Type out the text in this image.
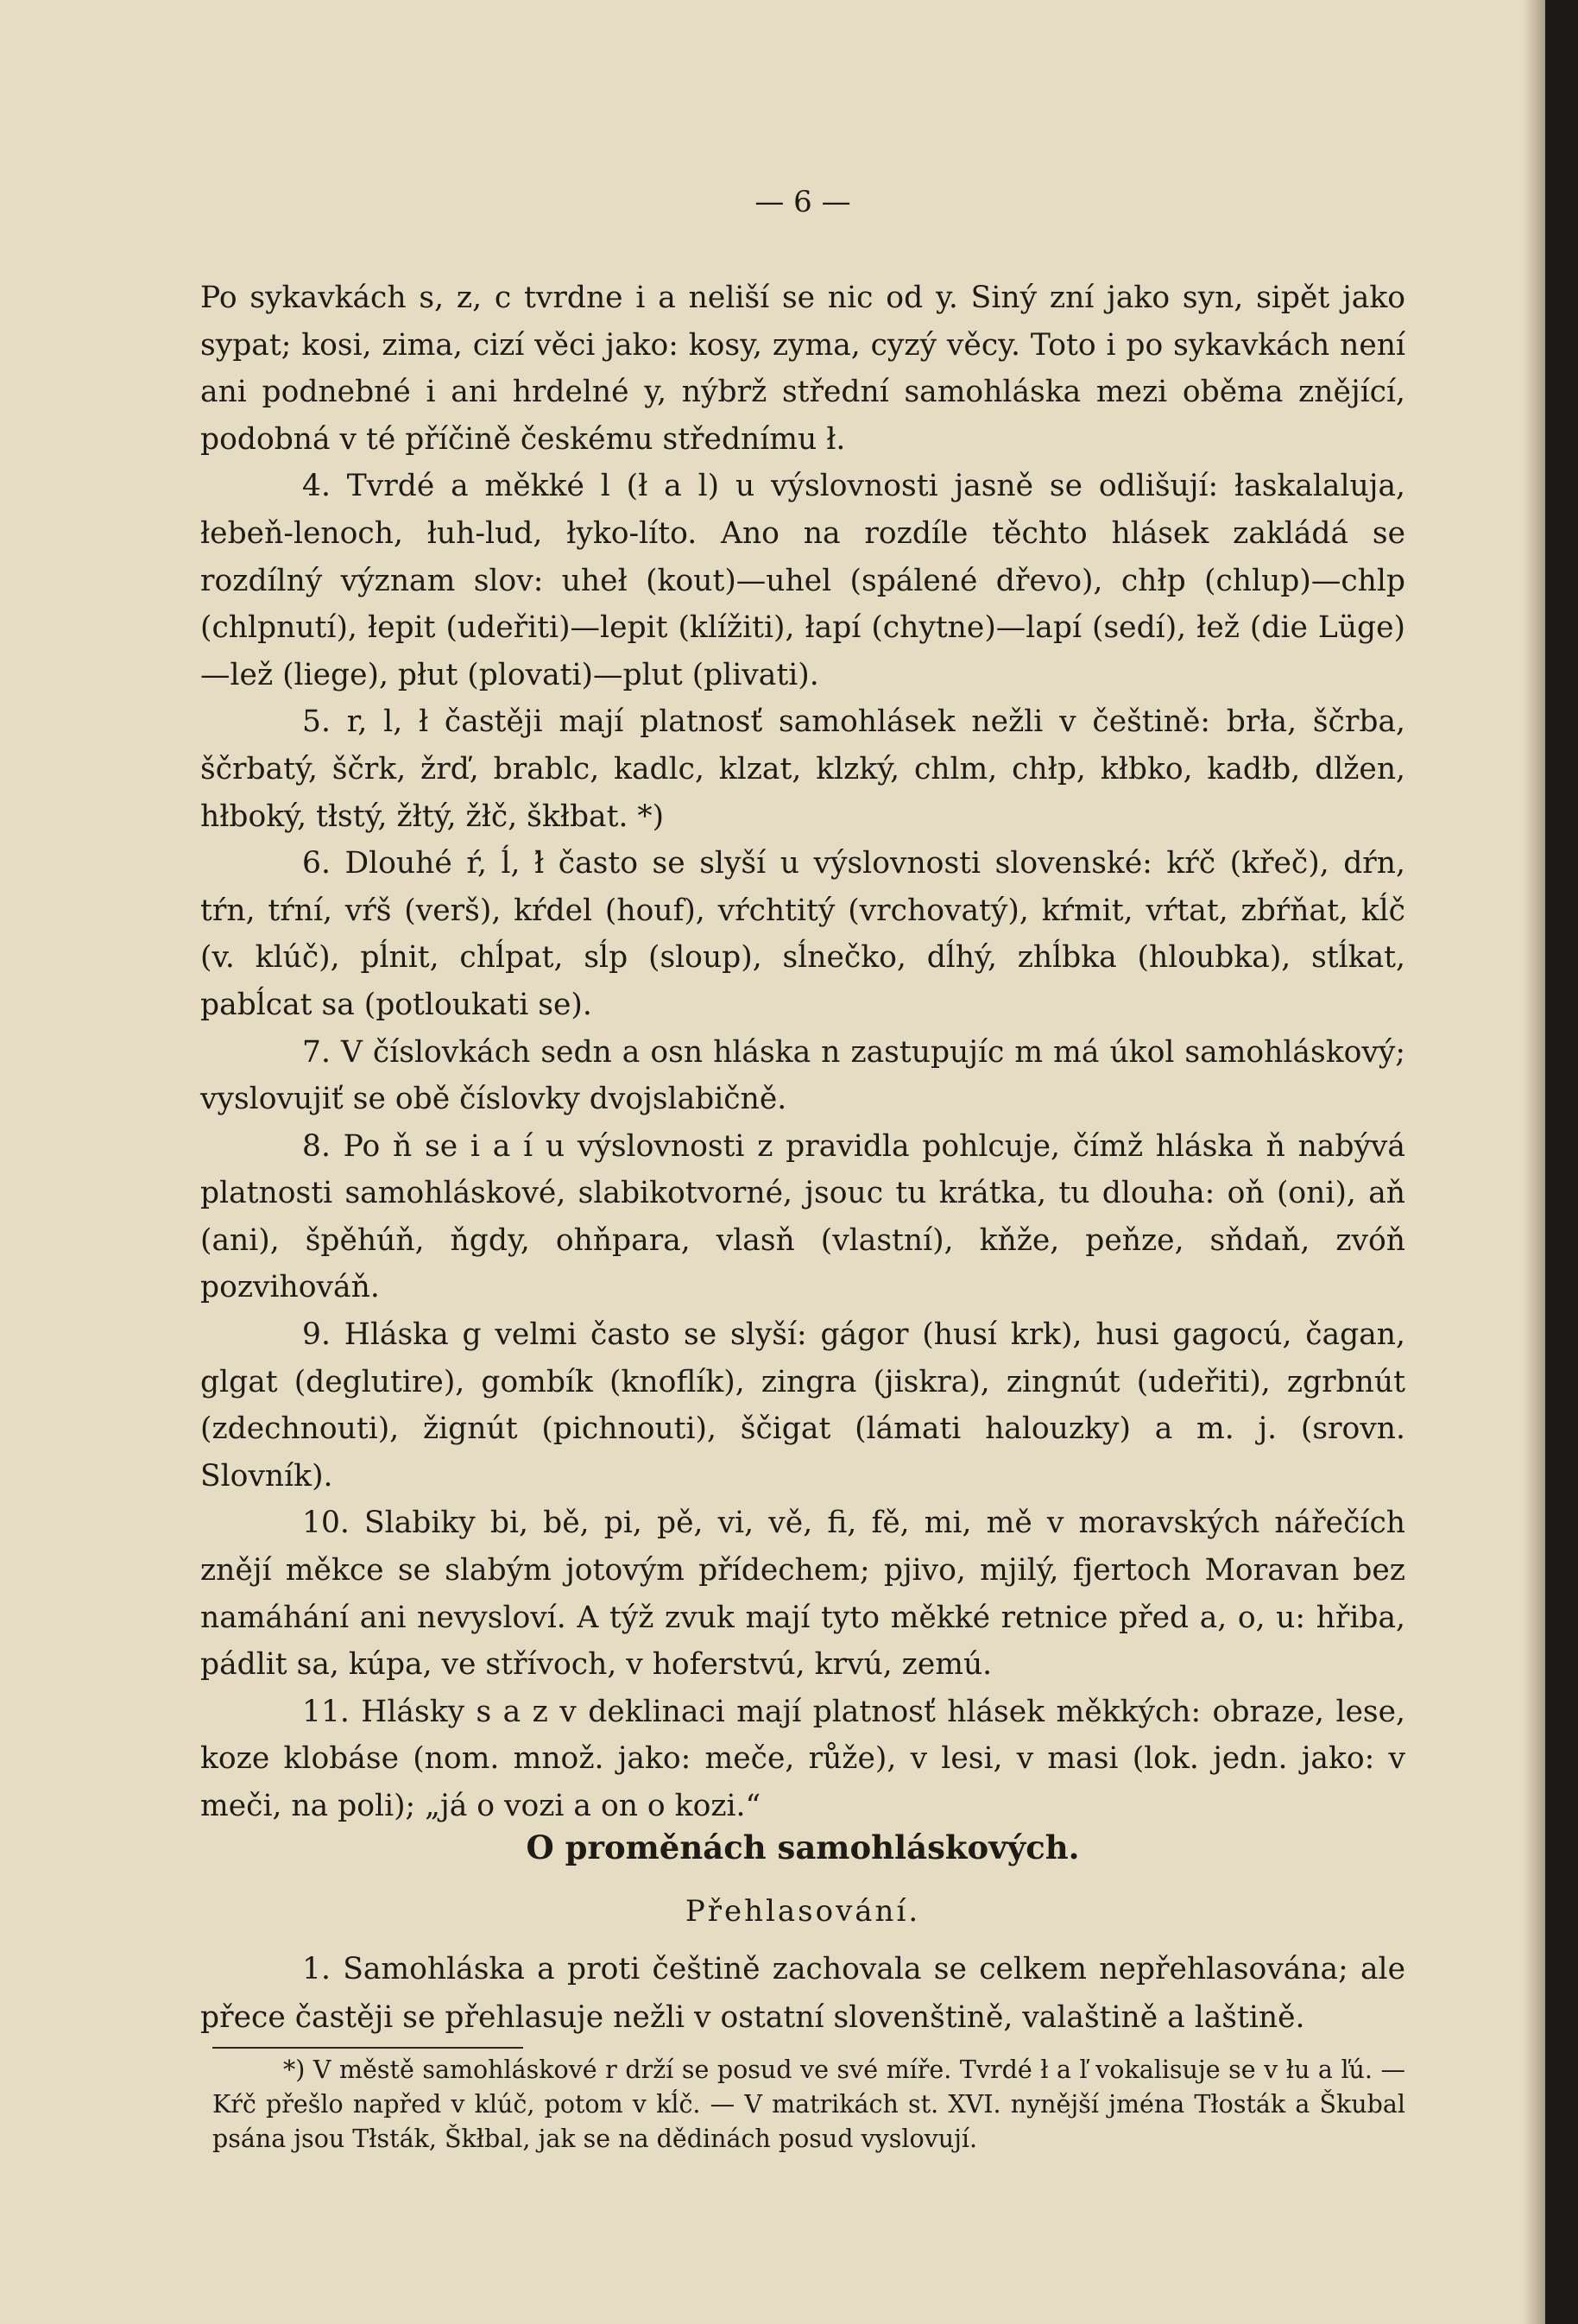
— 6 —

Po sykavkách s, z, c tvrdne i a neliší se nic od y. Siný zní jako syn, sipět jako sypat; kosi, zima, cizí věci jako: kosy, zyma, cyzý věcy. Toto i po sykavkách není ani podnebné i ani hrdelné y, nýbrž střední samohláska mezi oběma znějící, podobná v té příčině českému střednímu ł.

4. Tvrdé a měkké l (ł a l) u výslovnosti jasně se odlišují: łaskalaluja, łebeň-lenoch, łuh-lud, łyko-líto. Ano na rozdíle těchto hlásek zakládá se rozdílný význam slov: uheł (kout)—uhel (spálené dřevo), chłp (chlup)—chlp (chlpnutí), łepit (udeřiti)—lepit (klížiti), łapí (chytne)—lapí (sedí), łež (die Lüge)—lež (liege), płut (plovati)—plut (plivati).

5. r, l, ł častěji mají platnosť samohlásek nežli v češtině: brła, ščrba, ščrbatý, ščrk, žrď, brablc, kadlc, klzat, klzký, chlm, chłp, kłbko, kadłb, dlžen, hłboký, tłstý, žłtý, žłč, škłbat. *)

6. Dlouhé ŕ, ĺ, ł́ často se slyší u výslovnosti slovenské: kŕč (křeč), dŕn, tŕn, tŕní, vŕš (verš), kŕdel (houf), vŕchtitý (vrchovatý), kŕmit, vŕtat, zbŕňat, kĺč (v. klúč), pĺnit, chĺpat, sĺp (sloup), sĺnečko, dĺhý, zhĺbka (hloubka), stĺkat, pabĺcat sa (potloukati se).

7. V číslovkách sedn a osn hláska n zastupujíc m má úkol samohláskový; vyslovujiť se obě číslovky dvojslabičně.

8. Po ň se i a í u výslovnosti z pravidla pohlcuje, čímž hláska ň nabývá platnosti samohláskové, slabikotvorné, jsouc tu krátka, tu dlouha: oň (oni), aň (ani), špěhúň, ňgdy, ohňpara, vlasň (vlastní), kňže, peňze, sňdaň, zvóň pozvihováň.

9. Hláska g velmi často se slyší: gágor (husí krk), husi gagocú, čagan, glgat (deglutire), gombík (knoflík), zingra (jiskra), zingnút (udeřiti), zgrbnút (zdechnouti), žignút (pichnouti), ščigat (lámati halouzky) a m. j. (srovn. Slovník).

10. Slabiky bi, bě, pi, pě, vi, vě, fi, fě, mi, mě v moravských nářečích znějí měkce se slabým jotovým přídechem; pjivo, mjilý, fjertoch Moravan bez namáhání ani nevysloví. A týž zvuk mají tyto měkké retnice před a, o, u: hřiba, pádlit sa, kúpa, ve střívoch, v hoferstvú, krvú, zemú.

11. Hlásky s a z v deklinaci mají platnosť hlásek měkkých: obraze, lese, koze klobáse (nom. množ. jako: meče, růže), v lesi, v masi (lok. jedn. jako: v meči, na poli); „já o vozi a on o kozi.“

O proměnách samohláskových.
Přehlasování.

1. Samohláska a proti češtině zachovala se celkem nepřehlasována; ale přece častěji se přehlasuje nežli v ostatní slovenštině, valaštině a laštině.

*) V městě samohláskové r drží se posud ve své míře. Tvrdé ł a ľ vokalisuje se v łu a ľú. — Kŕč přešlo napřed v klúč, potom v kĺč. — V matrikách st. XVI. nynější jména Tłosták a Škubal psána jsou Tłsták, Škłbal, jak se na dědinách posud vyslovují.
